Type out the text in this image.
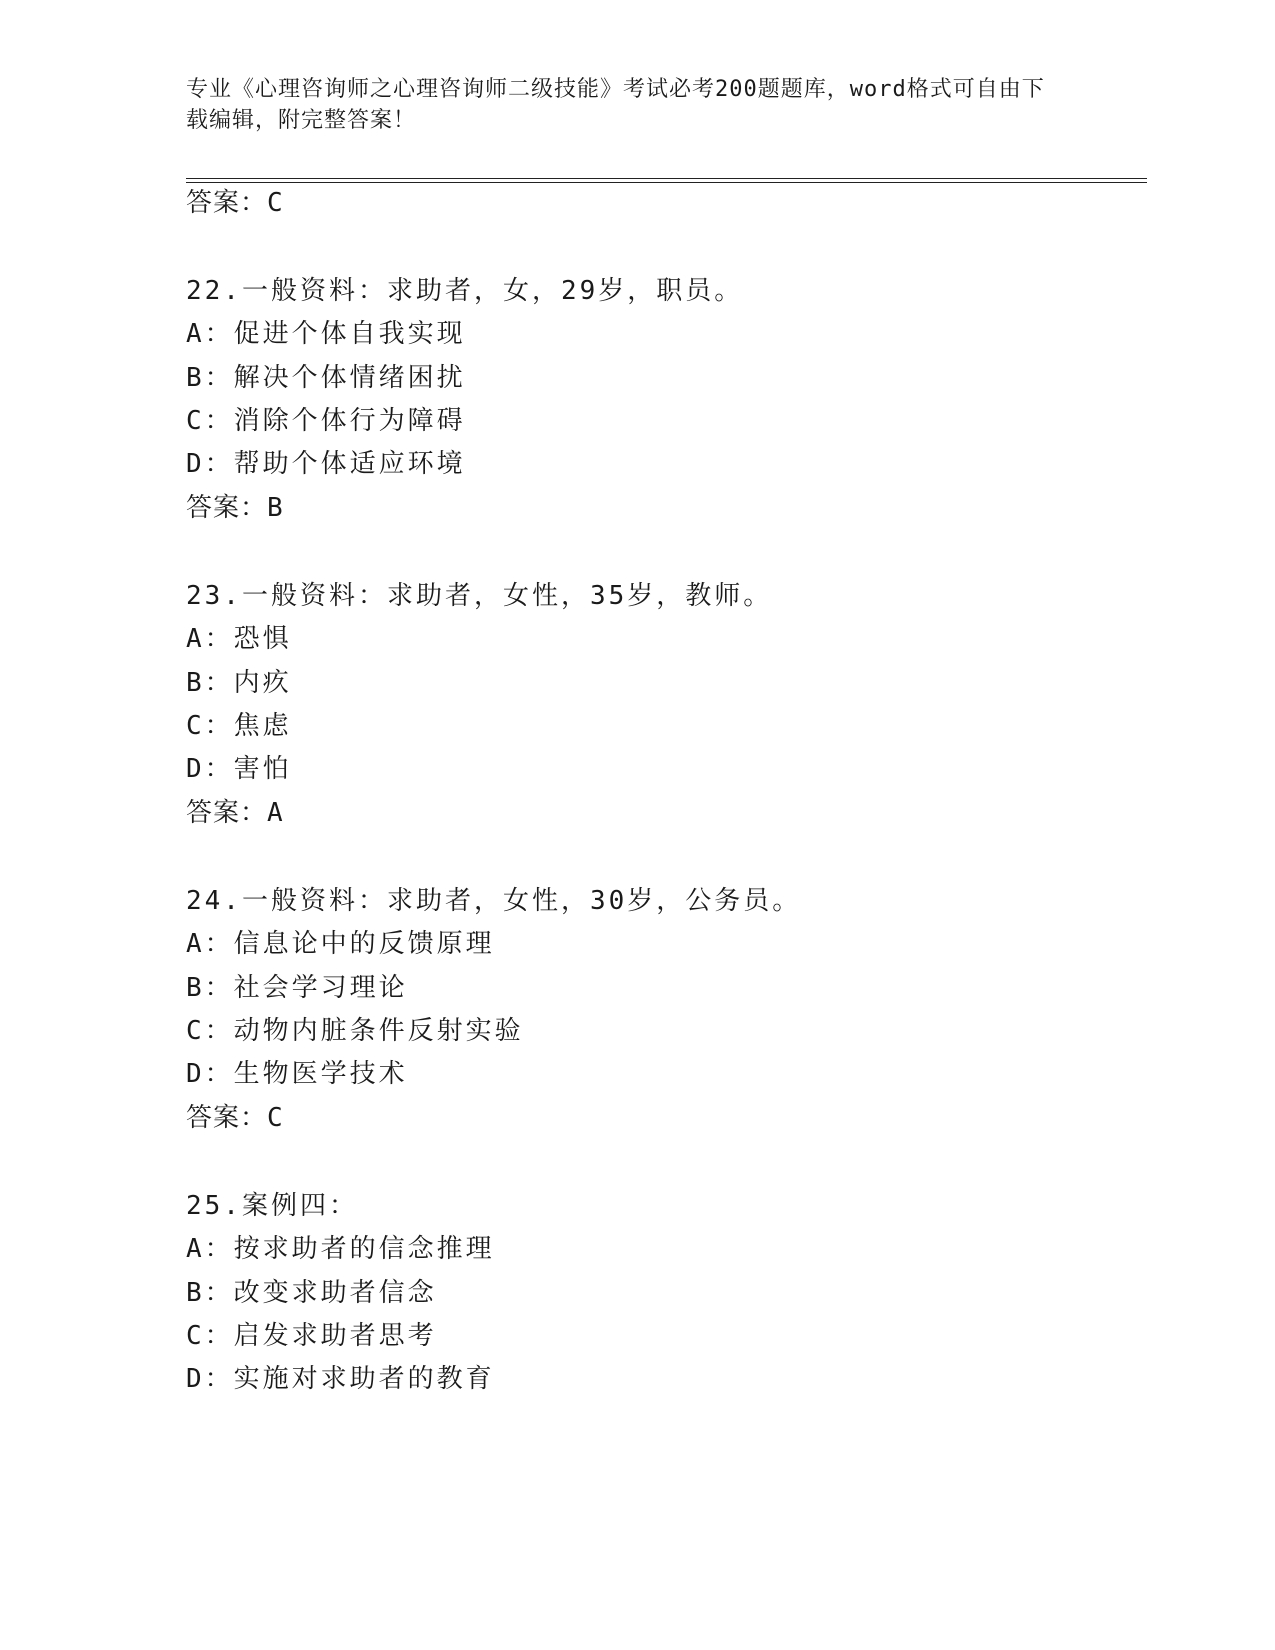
专业《心理咨询师之心理咨询师二级技能》考试必考200题题库，word格式可自由下载编辑，附完整答案！
答案：C
22.一般资料：求助者，女，29岁，职员。
A：促进个体自我实现
B：解决个体情绪困扰
C：消除个体行为障碍
D：帮助个体适应环境
答案：B
23.一般资料：求助者，女性，35岁，教师。
A：恐惧
B：内疚
C：焦虑
D：害怕
答案：A
24.一般资料：求助者，女性，30岁，公务员。
A：信息论中的反馈原理
B：社会学习理论
C：动物内脏条件反射实验
D：生物医学技术
答案：C
25.案例四：
A：按求助者的信念推理
B：改变求助者信念
C：启发求助者思考
D：实施对求助者的教育
